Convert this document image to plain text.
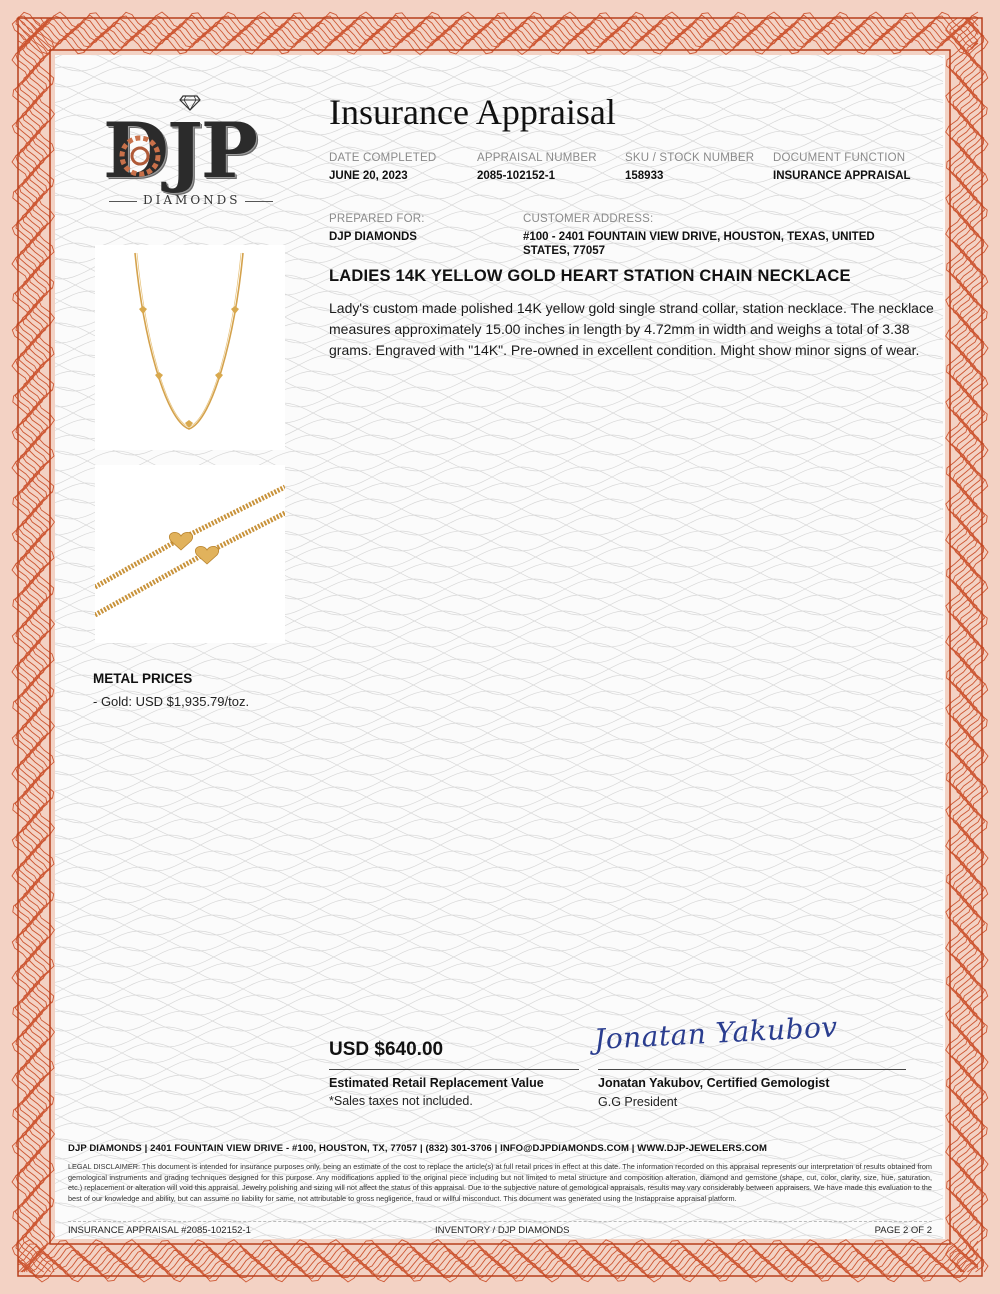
DJP
DIAMONDS
METAL PRICES
- Gold: USD $1,935.79/toz.
Insurance Appraisal
DATE COMPLETED
JUNE 20, 2023
APPRAISAL NUMBER
2085-102152-1
SKU / STOCK NUMBER
158933
DOCUMENT FUNCTION
INSURANCE APPRAISAL
PREPARED FOR:
DJP DIAMONDS
CUSTOMER ADDRESS:
#100 - 2401 FOUNTAIN VIEW DRIVE, HOUSTON, TEXAS, UNITED STATES, 77057
LADIES 14K YELLOW GOLD HEART STATION CHAIN NECKLACE
Lady's custom made polished 14K yellow gold single strand collar, station necklace. The necklace measures approximately 15.00 inches in length by 4.72mm in width and weighs a total of 3.38 grams. Engraved with "14K". Pre-owned in excellent condition. Might show minor signs of wear.
USD $640.00
Estimated Retail Replacement Value
*Sales taxes not included.
Jonatan Yakubov
Jonatan Yakubov, Certified Gemologist
G.G President
DJP DIAMONDS | 2401 FOUNTAIN VIEW DRIVE - #100, HOUSTON, TX, 77057 | (832) 301-3706 | INFO@DJPDIAMONDS.COM | WWW.DJP-JEWELERS.COM
LEGAL DISCLAIMER: This document is intended for insurance purposes only, being an estimate of the cost to replace the article(s) at full retail prices in effect at this date. The information recorded on this appraisal represents our interpretation of results obtained from gemological instruments and grading techniques designed for this purpose. Any modifications applied to the original piece including but not limited to metal structure and composition alteration, diamond and gemstone (shape, cut, color, clarity, size, hue, saturation, etc.) replacement or alteration will void this appraisal. Jewelry polishing and sizing will not affect the status of this appraisal. Due to the subjective nature of gemological appraisals, results may vary considerably between appraisers. We have made this evaluation to the best of our knowledge and ability, but can assume no liability for same, not attributable to gross negligence, fraud or willful misconduct. This document was generated using the Instappraise appraisal platform.
INSURANCE APPRAISAL #2085-102152-1	INVENTORY / DJP DIAMONDS	PAGE 2 OF 2
